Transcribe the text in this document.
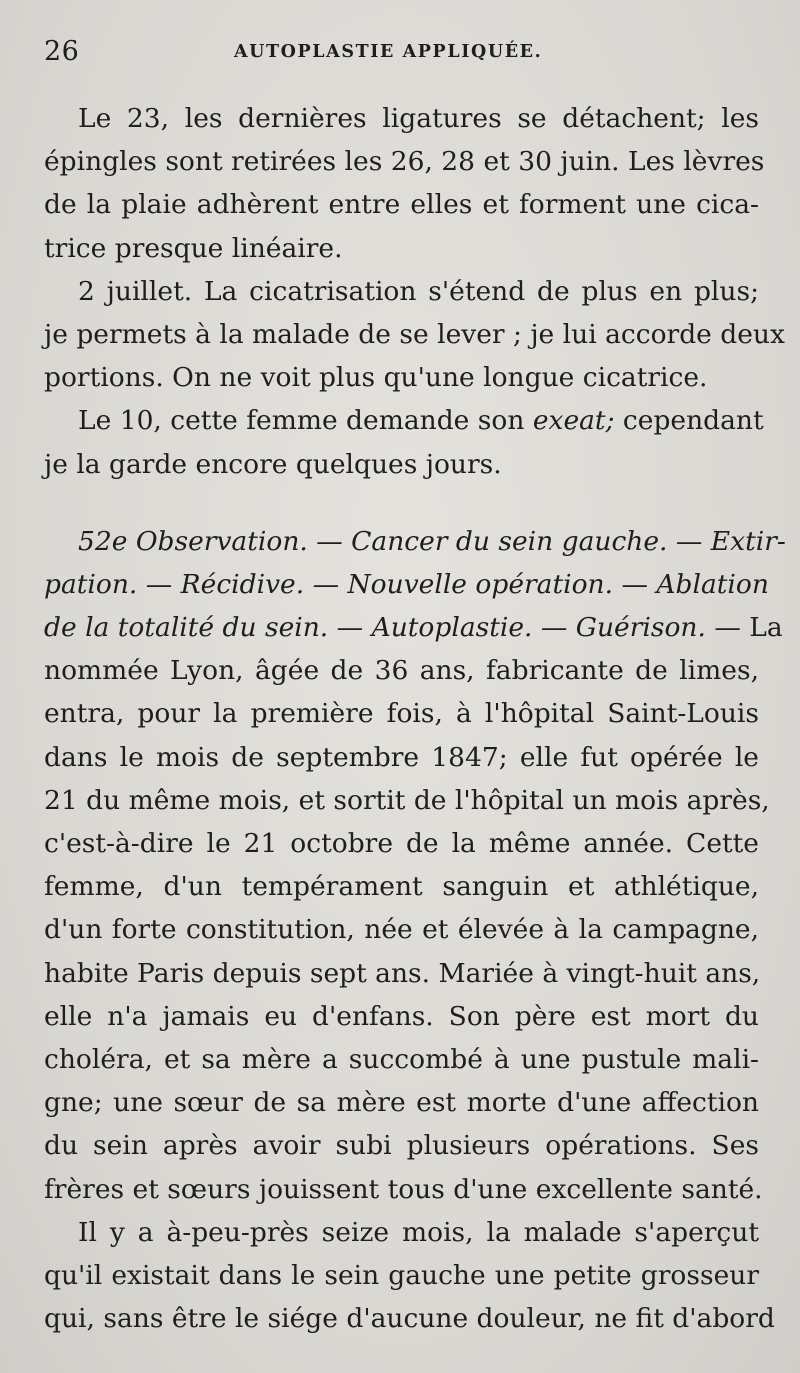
26	AUTOPLASTIE APPLIQUÉE.
Le 23, les dernières ligatures se détachent; les
épingles sont retirées les 26, 28 et 30 juin. Les lèvres
de la plaie adhèrent entre elles et forment une cica-
trice presque linéaire.
2 juillet. La cicatrisation s'étend de plus en plus;
je permets à la malade de se lever ; je lui accorde deux
portions. On ne voit plus qu'une longue cicatrice.
Le 10, cette femme demande son exeat; cependant
je la garde encore quelques jours.
52e Observation. — Cancer du sein gauche. — Extir-
pation. — Récidive. — Nouvelle opération. — Ablation
de la totalité du sein. — Autoplastie. — Guérison. — La
nommée Lyon, âgée de 36 ans, fabricante de limes,
entra, pour la première fois, à l'hôpital Saint-Louis
dans le mois de septembre 1847; elle fut opérée le
21 du même mois, et sortit de l'hôpital un mois après,
c'est-à-dire le 21 octobre de la même année. Cette
femme, d'un tempérament sanguin et athlétique,
d'un forte constitution, née et élevée à la campagne,
habite Paris depuis sept ans. Mariée à vingt-huit ans,
elle n'a jamais eu d'enfans. Son père est mort du
choléra, et sa mère a succombé à une pustule mali-
gne; une sœur de sa mère est morte d'une affection
du sein après avoir subi plusieurs opérations. Ses
frères et sœurs jouissent tous d'une excellente santé.
Il y a à-peu-près seize mois, la malade s'aperçut
qu'il existait dans le sein gauche une petite grosseur
qui, sans être le siége d'aucune douleur, ne fit d'abord
